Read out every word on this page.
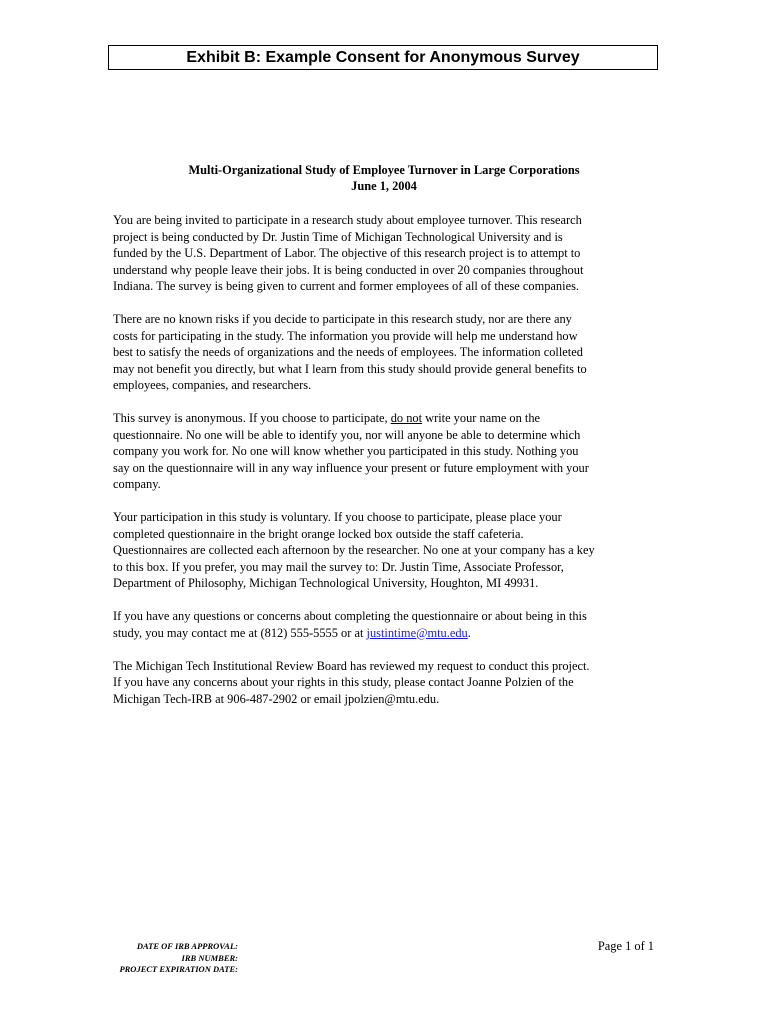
Exhibit B: Example Consent for Anonymous Survey
Multi-Organizational Study of Employee Turnover in Large Corporations
June 1, 2004
You are being invited to participate in a research study about employee turnover. This research
project is being conducted by Dr. Justin Time of Michigan Technological University and is
funded by the U.S. Department of Labor. The objective of this research project is to attempt to
understand why people leave their jobs. It is being conducted in over 20 companies throughout
Indiana. The survey is being given to current and former employees of all of these companies.
There are no known risks if you decide to participate in this research study, nor are there any
costs for participating in the study. The information you provide will help me understand how
best to satisfy the needs of organizations and the needs of employees. The information colleted
may not benefit you directly, but what I learn from this study should provide general benefits to
employees, companies, and researchers.
This survey is anonymous. If you choose to participate, do not write your name on the
questionnaire. No one will be able to identify you, nor will anyone be able to determine which
company you work for. No one will know whether you participated in this study. Nothing you
say on the questionnaire will in any way influence your present or future employment with your
company.
Your participation in this study is voluntary. If you choose to participate, please place your
completed questionnaire in the bright orange locked box outside the staff cafeteria.
Questionnaires are collected each afternoon by the researcher. No one at your company has a key
to this box. If you prefer, you may mail the survey to: Dr. Justin Time, Associate Professor,
Department of Philosophy, Michigan Technological University, Houghton, MI 49931.
If you have any questions or concerns about completing the questionnaire or about being in this
study, you may contact me at (812) 555-5555 or at justintime@mtu.edu.
The Michigan Tech Institutional Review Board has reviewed my request to conduct this project.
If you have any concerns about your rights in this study, please contact Joanne Polzien of the
Michigan Tech-IRB at 906-487-2902 or email jpolzien@mtu.edu.
DATE OF IRB APPROVAL:
IRB NUMBER:
PROJECT EXPIRATION DATE:
Page 1 of 1
